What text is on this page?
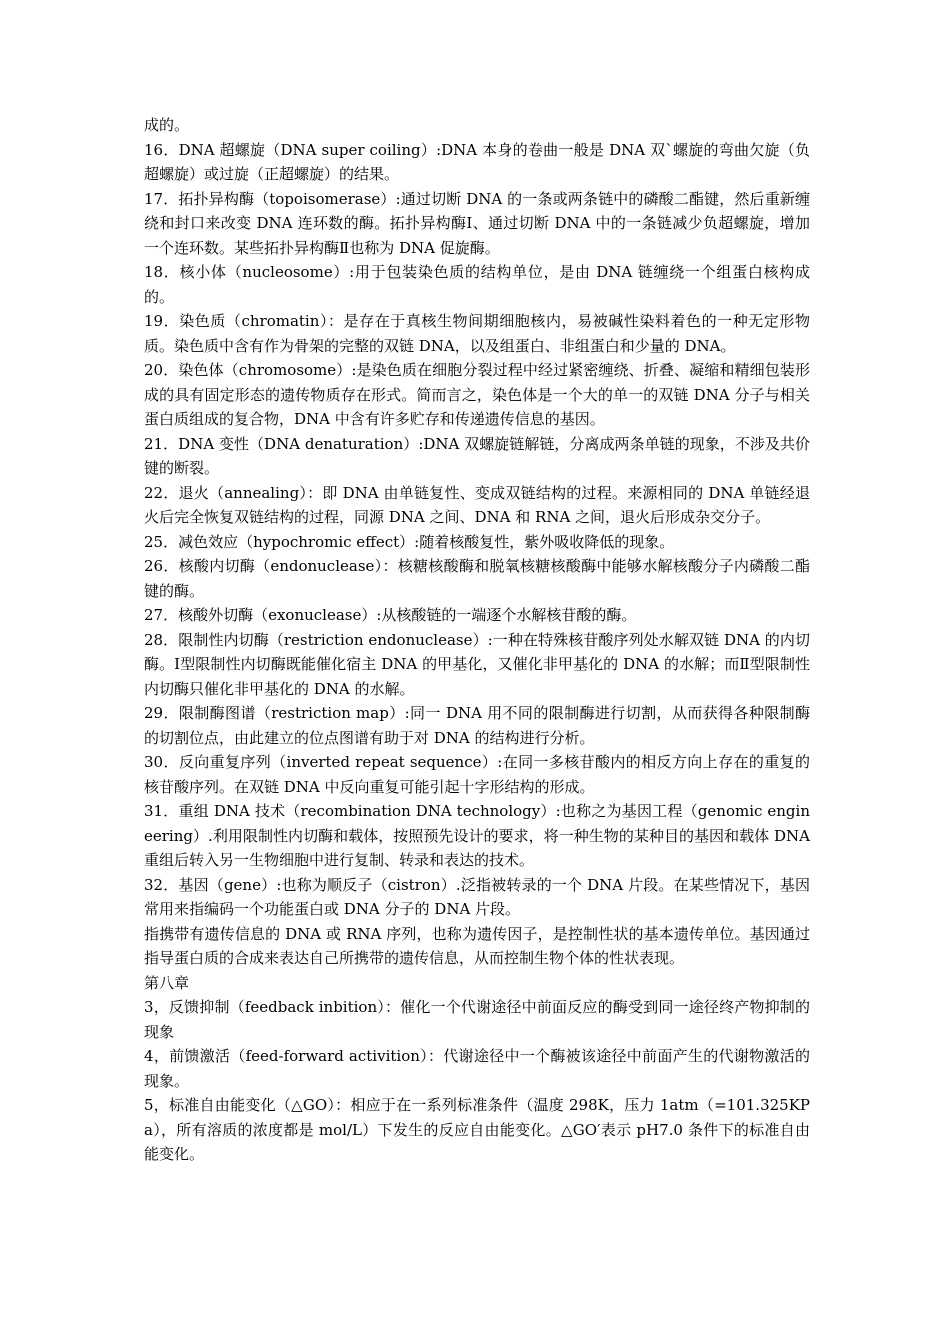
成的。

16．DNA 超螺旋（DNA super coiling）:DNA 本身的卷曲一般是 DNA 双`螺旋的弯曲欠旋（负超螺旋）或过旋（正超螺旋）的结果。

17．拓扑异构酶（topoisomerase）:通过切断 DNA 的一条或两条链中的磷酸二酯键，然后重新缠绕和封口来改变 DNA 连环数的酶。拓扑异构酶Ⅰ、通过切断 DNA 中的一条链减少负超螺旋，增加一个连环数。某些拓扑异构酶Ⅱ也称为 DNA 促旋酶。

18．核小体（nucleosome）:用于包装染色质的结构单位，是由 DNA 链缠绕一个组蛋白核构成的。

19．染色质（chromatin）：是存在于真核生物间期细胞核内，易被碱性染料着色的一种无定形物质。染色质中含有作为骨架的完整的双链 DNA，以及组蛋白、非组蛋白和少量的 DNA。

20．染色体（chromosome）:是染色质在细胞分裂过程中经过紧密缠绕、折叠、凝缩和精细包装形成的具有固定形态的遗传物质存在形式。简而言之，染色体是一个大的单一的双链 DNA 分子与相关蛋白质组成的复合物，DNA 中含有许多贮存和传递遗传信息的基因。

21．DNA 变性（DNA denaturation）:DNA 双螺旋链解链，分离成两条单链的现象，不涉及共价键的断裂。

22．退火（annealing）：即 DNA 由单链复性、变成双链结构的过程。来源相同的 DNA 单链经退火后完全恢复双链结构的过程，同源 DNA 之间、DNA 和 RNA 之间，退火后形成杂交分子。

25．减色效应（hypochromic effect）:随着核酸复性，紫外吸收降低的现象。

26．核酸内切酶（endonuclease）：核糖核酸酶和脱氧核糖核酸酶中能够水解核酸分子内磷酸二酯键的酶。

27．核酸外切酶（exonuclease）:从核酸链的一端逐个水解核苷酸的酶。

28．限制性内切酶（restriction endonuclease）:一种在特殊核苷酸序列处水解双链 DNA 的内切酶。Ⅰ型限制性内切酶既能催化宿主 DNA 的甲基化，又催化非甲基化的 DNA 的水解；而Ⅱ型限制性内切酶只催化非甲基化的 DNA 的水解。

29．限制酶图谱（restriction map）:同一 DNA 用不同的限制酶进行切割，从而获得各种限制酶的切割位点，由此建立的位点图谱有助于对 DNA 的结构进行分析。

30．反向重复序列（inverted repeat sequence）:在同一多核苷酸内的相反方向上存在的重复的核苷酸序列。在双链 DNA 中反向重复可能引起十字形结构的形成。

31．重组 DNA 技术（recombination DNA technology）:也称之为基因工程（genomic engineering）.利用限制性内切酶和载体，按照预先设计的要求，将一种生物的某种目的基因和载体 DNA 重组后转入另一生物细胞中进行复制、转录和表达的技术。

32．基因（gene）:也称为顺反子（cistron）.泛指被转录的一个 DNA 片段。在某些情况下，基因常用来指编码一个功能蛋白或 DNA 分子的 DNA 片段。

指携带有遗传信息的 DNA 或 RNA 序列，也称为遗传因子，是控制性状的基本遗传单位。基因通过指导蛋白质的合成来表达自己所携带的遗传信息，从而控制生物个体的性状表现。

第八章

3，反馈抑制（feedback inbition）：催化一个代谢途径中前面反应的酶受到同一途径终产物抑制的现象

4，前馈激活（feed-forward activition）：代谢途径中一个酶被该途径中前面产生的代谢物激活的现象。

5，标准自由能变化（△GO）：相应于在一系列标准条件（温度 298K，压力 1atm（=101.325KPa），所有溶质的浓度都是 mol/L）下发生的反应自由能变化。△GO′表示 pH7.0 条件下的标准自由能变化。
